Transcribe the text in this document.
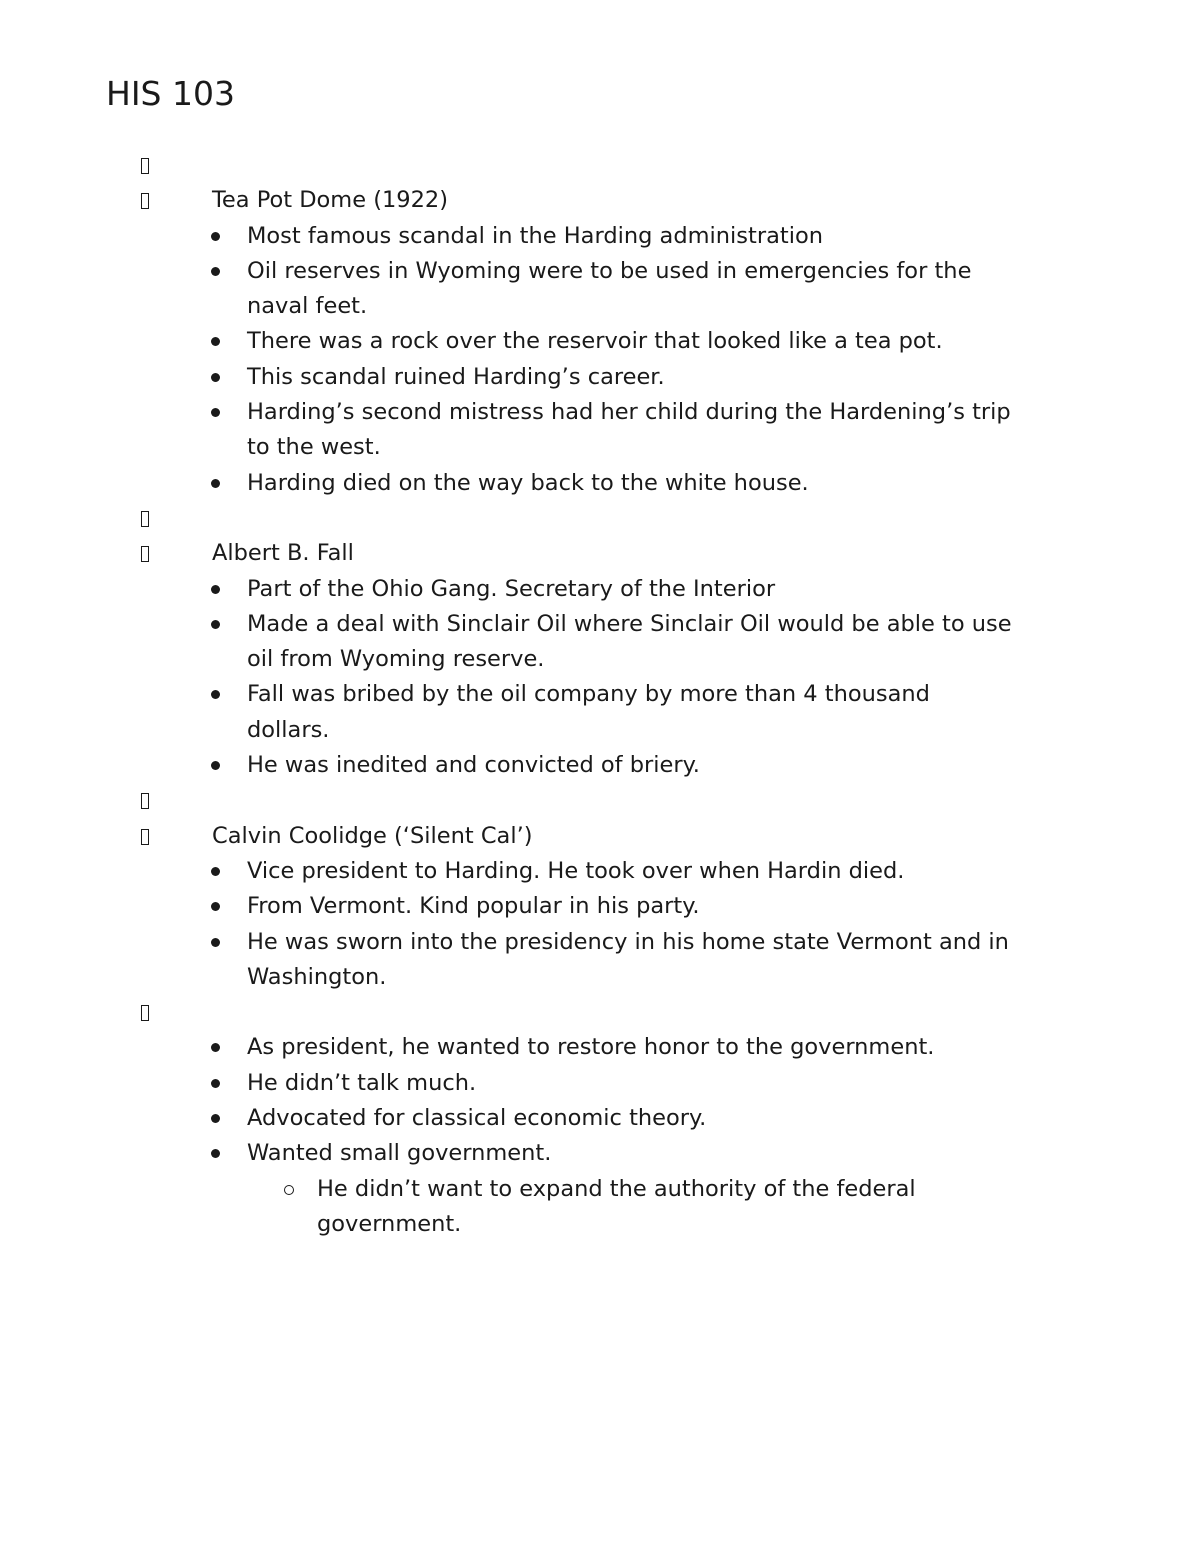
HIS 103
Tea Pot Dome (1922)
Most famous scandal in the Harding administration
Oil reserves in Wyoming were to be used in emergencies for the
naval feet.
There was a rock over the reservoir that looked like a tea pot.
This scandal ruined Harding’s career.
Harding’s second mistress had her child during the Hardening’s trip
to the west.
Harding died on the way back to the white house.
Albert B. Fall
Part of the Ohio Gang. Secretary of the Interior
Made a deal with Sinclair Oil where Sinclair Oil would be able to use
oil from Wyoming reserve.
Fall was bribed by the oil company by more than 4 thousand
dollars.
He was inedited and convicted of briery.
Calvin Coolidge (‘Silent Cal’)
Vice president to Harding. He took over when Hardin died.
From Vermont. Kind popular in his party.
He was sworn into the presidency in his home state Vermont and in
Washington.
As president, he wanted to restore honor to the government.
He didn’t talk much.
Advocated for classical economic theory.
Wanted small government.
He didn’t want to expand the authority of the federal
government.
